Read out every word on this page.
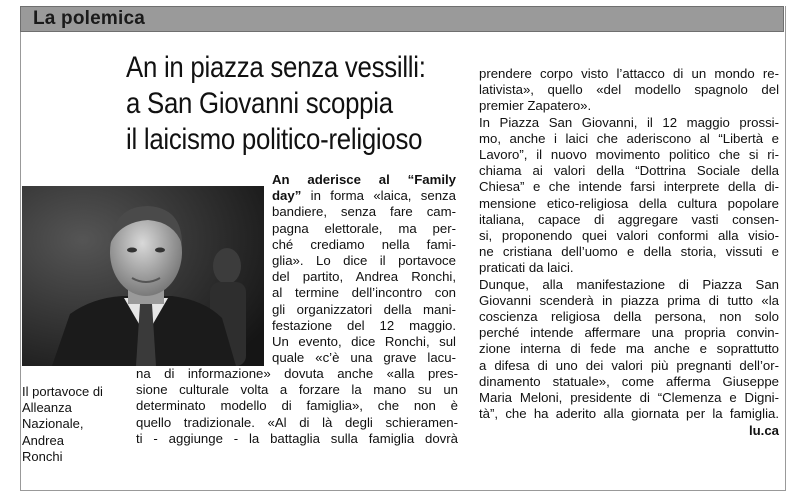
La polemica
An in piazza senza vessilli:
a San Giovanni scoppia
il laicismo politico-religioso
Il portavoce di
Alleanza
Nazionale,
Andrea
Ronchi
An aderisce al “Family
day” in forma «laica, senza
bandiere, senza fare cam-
pagna elettorale, ma per-
ché crediamo nella fami-
glia». Lo dice il portavoce
del partito, Andrea Ronchi,
al termine dell’incontro con
gli organizzatori della mani-
festazione del 12 maggio.
Un evento, dice Ronchi, sul
quale «c’è una grave lacu-
na di informazione» dovuta anche «alla pres-
sione culturale volta a forzare la mano su un
determinato modello di famiglia», che non è
quello tradizionale. «Al di là degli schieramen-
ti - aggiunge - la battaglia sulla famiglia dovrà
prendere corpo visto l’attacco di un mondo re-
lativista», quello «del modello spagnolo del
premier Zapatero».
In Piazza San Giovanni, il 12 maggio prossi-
mo, anche i laici che aderiscono al “Libertà e
Lavoro”, il nuovo movimento politico che si ri-
chiama ai valori della “Dottrina Sociale della
Chiesa” e che intende farsi interprete della di-
mensione etico-religiosa della cultura popolare
italiana, capace di aggregare vasti consen-
si, proponendo quei valori conformi alla visio-
ne cristiana dell’uomo e della storia, vissuti e
praticati da laici.
Dunque, alla manifestazione di Piazza San
Giovanni scenderà in piazza prima di tutto «la
coscienza religiosa della persona, non solo
perché intende affermare una propria convin-
zione interna di fede ma anche e soprattutto
a difesa di uno dei valori più pregnanti dell’or-
dinamento statuale», come afferma Giuseppe
Maria Meloni, presidente di “Clemenza e Digni-
tà”, che ha aderito alla giornata per la famiglia.
lu.ca
